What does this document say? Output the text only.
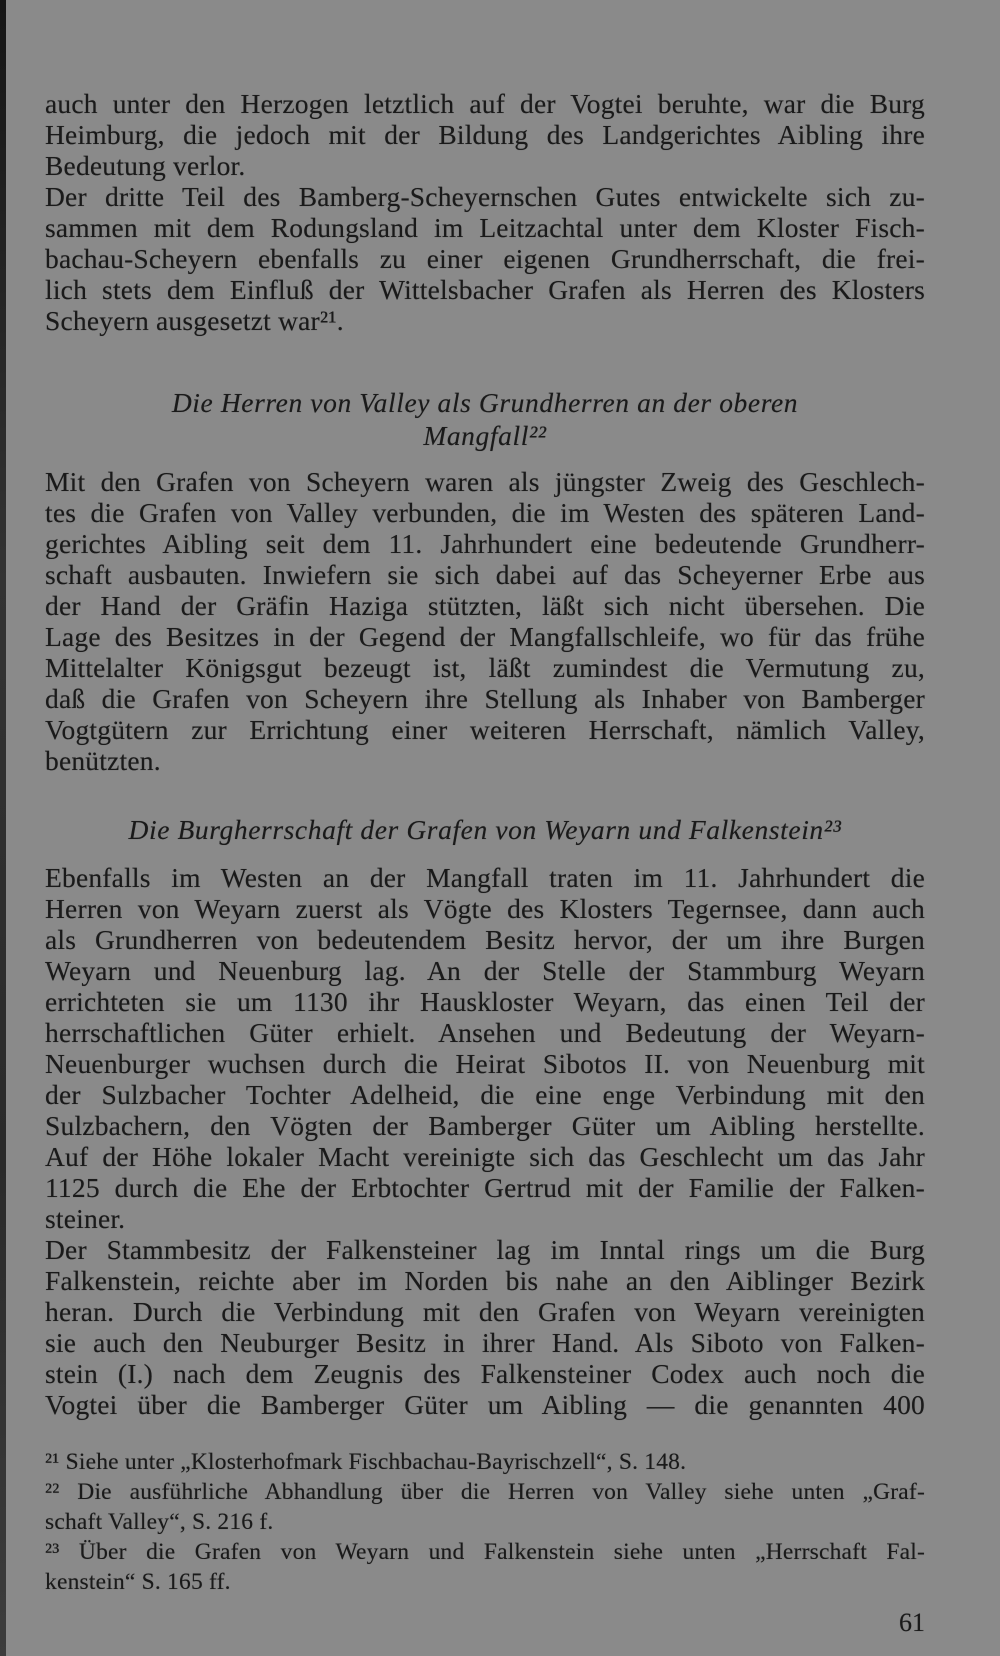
auch unter den Herzogen letztlich auf der Vogtei beruhte, war die Burg
Heimburg, die jedoch mit der Bildung des Landgerichtes Aibling ihre
Bedeutung verlor.
Der dritte Teil des Bamberg-Scheyernschen Gutes entwickelte sich zu-
sammen mit dem Rodungsland im Leitzachtal unter dem Kloster Fisch-
bachau-Scheyern ebenfalls zu einer eigenen Grundherrschaft, die frei-
lich stets dem Einfluß der Wittelsbacher Grafen als Herren des Klosters
Scheyern ausgesetzt war²¹.
Die Herren von Valley als Grundherren an der oberen
Mangfall²²
Mit den Grafen von Scheyern waren als jüngster Zweig des Geschlech-
tes die Grafen von Valley verbunden, die im Westen des späteren Land-
gerichtes Aibling seit dem 11. Jahrhundert eine bedeutende Grundherr-
schaft ausbauten. Inwiefern sie sich dabei auf das Scheyerner Erbe aus
der Hand der Gräfin Haziga stützten, läßt sich nicht übersehen. Die
Lage des Besitzes in der Gegend der Mangfallschleife, wo für das frühe
Mittelalter Königsgut bezeugt ist, läßt zumindest die Vermutung zu,
daß die Grafen von Scheyern ihre Stellung als Inhaber von Bamberger
Vogtgütern zur Errichtung einer weiteren Herrschaft, nämlich Valley,
benützten.
Die Burgherrschaft der Grafen von Weyarn und Falkenstein²³
Ebenfalls im Westen an der Mangfall traten im 11. Jahrhundert die
Herren von Weyarn zuerst als Vögte des Klosters Tegernsee, dann auch
als Grundherren von bedeutendem Besitz hervor, der um ihre Burgen
Weyarn und Neuenburg lag. An der Stelle der Stammburg Weyarn
errichteten sie um 1130 ihr Hauskloster Weyarn, das einen Teil der
herrschaftlichen Güter erhielt. Ansehen und Bedeutung der Weyarn-
Neuenburger wuchsen durch die Heirat Sibotos II. von Neuenburg mit
der Sulzbacher Tochter Adelheid, die eine enge Verbindung mit den
Sulzbachern, den Vögten der Bamberger Güter um Aibling herstellte.
Auf der Höhe lokaler Macht vereinigte sich das Geschlecht um das Jahr
1125 durch die Ehe der Erbtochter Gertrud mit der Familie der Falken-
steiner.
Der Stammbesitz der Falkensteiner lag im Inntal rings um die Burg
Falkenstein, reichte aber im Norden bis nahe an den Aiblinger Bezirk
heran. Durch die Verbindung mit den Grafen von Weyarn vereinigten
sie auch den Neuburger Besitz in ihrer Hand. Als Siboto von Falken-
stein (I.) nach dem Zeugnis des Falkensteiner Codex auch noch die
Vogtei über die Bamberger Güter um Aibling — die genannten 400
²¹ Siehe unter „Klosterhofmark Fischbachau-Bayrischzell“, S. 148.
²² Die ausführliche Abhandlung über die Herren von Valley siehe unten „Graf-
schaft Valley“, S. 216 f.
²³ Über die Grafen von Weyarn und Falkenstein siehe unten „Herrschaft Fal-
kenstein“ S. 165 ff.
61
